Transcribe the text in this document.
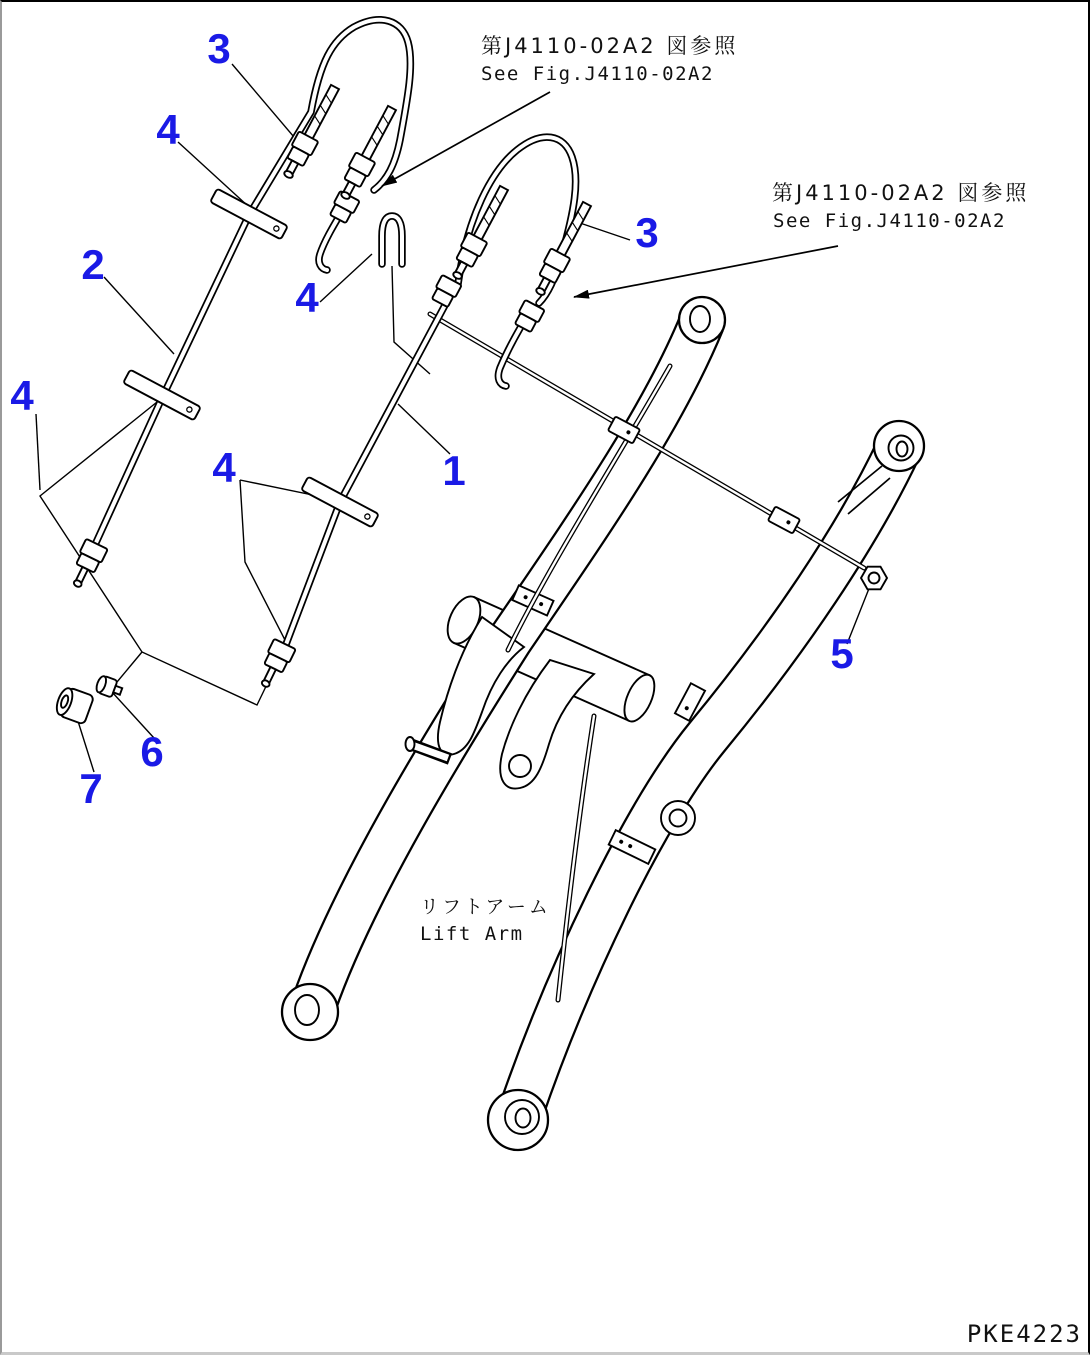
第J4110-02A2 図参照
See Fig.J4110-02A2
第J4110-02A2 図参照
See Fig.J4110-02A2
リフトアーム
Lift Arm
PKE4223
3
4
2
4
4
4	1
3
5
6
7
